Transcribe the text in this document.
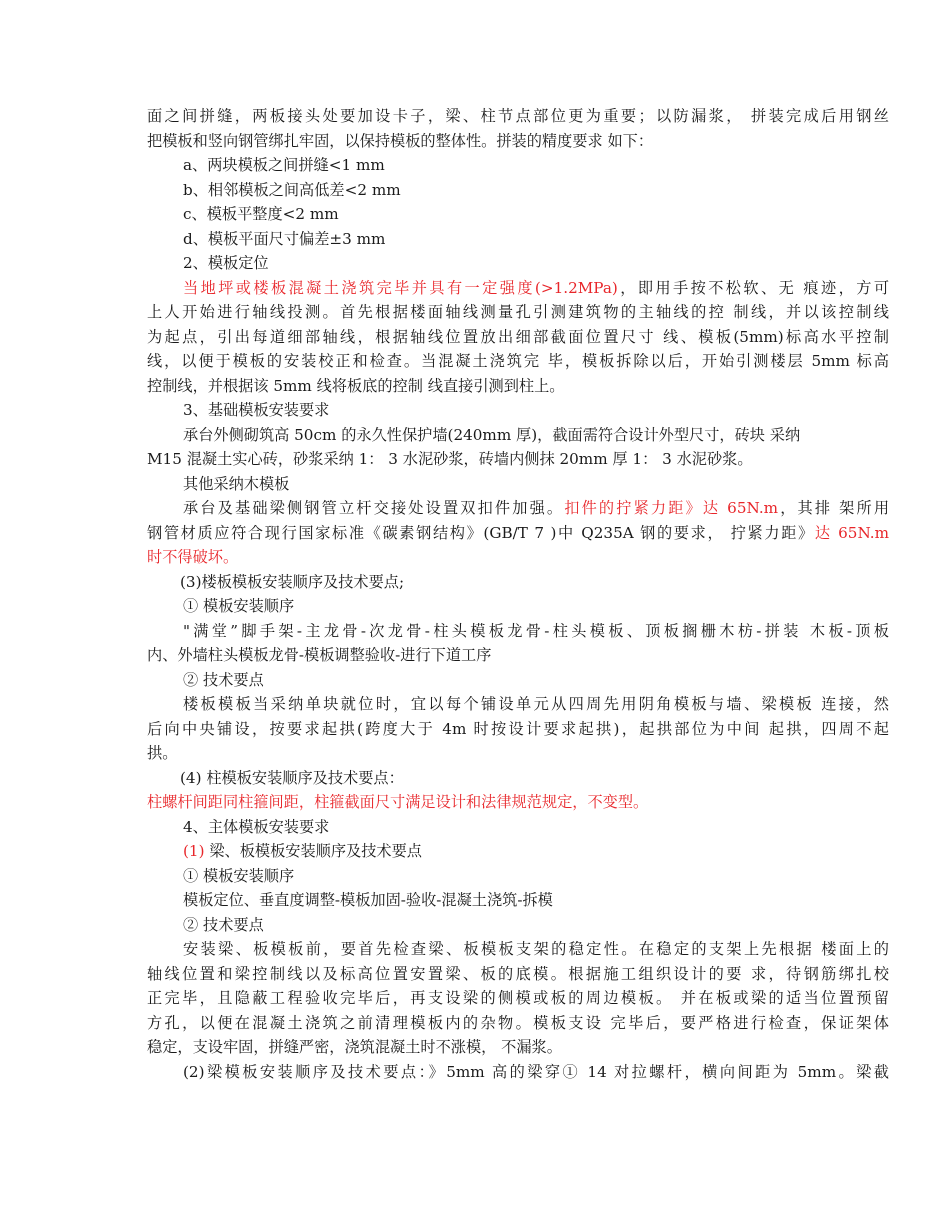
面之间拼缝，两板接头处要加设卡子，梁、柱节点部位更为重要；以防漏浆， 拼装完成后用钢丝
把模板和竖向钢管绑扎牢固，以保持模板的整体性。拼装的精度要求 如下：
a、两块模板之间拼缝<1 mm
b、相邻模板之间高低差<2 mm
c、模板平整度<2 mm
d、模板平面尺寸偏差±3 mm
2、模板定位
当地坪或楼板混凝土浇筑完毕并具有一定强度(>1.2MPa)，即用手按不松软、无 痕迹，方可
上人开始进行轴线投测。首先根据楼面轴线测量孔引测建筑物的主轴线的控 制线，并以该控制线
为起点，引出每道细部轴线，根据轴线位置放出细部截面位置尺寸 线、模板(5mm)标高水平控制
线，以便于模板的安装校正和检查。当混凝土浇筑完 毕，模板拆除以后，开始引测楼层 5mm 标高
控制线，并根据该 5mm 线将板底的控制 线直接引测到柱上。
3、基础模板安装要求
承台外侧砌筑高 50cm 的永久性保护墙(240mm 厚)，截面需符合设计外型尺寸，砖块 采纳
M15 混凝土实心砖，砂浆采纳 1： 3 水泥砂浆，砖墙内侧抹 20mm 厚 1： 3 水泥砂浆。
其他采纳木模板
承台及基础梁侧钢管立杆交接处设置双扣件加强。扣件的拧紧力距》达 65N.m，其排 架所用
钢管材质应符合现行国家标准《碳素钢结构》(GB/T 7 )中 Q235A 钢的要求， 拧紧力距》达 65N.m
时不得破坏。
(3)楼板模板安装顺序及技术要点;
① 模板安装顺序
"满堂”脚手架-主龙骨-次龙骨-柱头模板龙骨-柱头模板、顶板搁栅木枋-拼装 木板-顶板
内、外墙柱头模板龙骨-模板调整验收-进行下道工序
② 技术要点
楼板模板当采纳单块就位时，宜以每个铺设单元从四周先用阴角模板与墙、梁模板 连接，然
后向中央铺设，按要求起拱(跨度大于 4m 时按设计要求起拱)，起拱部位为中间 起拱，四周不起
拱。
(4) 柱模板安装顺序及技术要点：
柱螺杆间距同柱箍间距，柱箍截面尺寸满足设计和法律规范规定，不变型。
4、主体模板安装要求
(1) 梁、板模板安装顺序及技术要点
① 模板安装顺序
模板定位、垂直度调整-模板加固-验收-混凝土浇筑-拆模
② 技术要点
安装梁、板模板前，要首先检查梁、板模板支架的稳定性。在稳定的支架上先根据 楼面上的
轴线位置和梁控制线以及标高位置安置梁、板的底模。根据施工组织设计的要 求，待钢筋绑扎校
正完毕，且隐蔽工程验收完毕后，再支设梁的侧模或板的周边模板。 并在板或梁的适当位置预留
方孔，以便在混凝土浇筑之前清理模板内的杂物。模板支设 完毕后，要严格进行检查，保证架体
稳定，支设牢固，拼缝严密，浇筑混凝土时不涨模， 不漏浆。
(2)梁模板安装顺序及技术要点：》5mm 高的梁穿① 14 对拉螺杆，横向间距为 5mm。梁截
